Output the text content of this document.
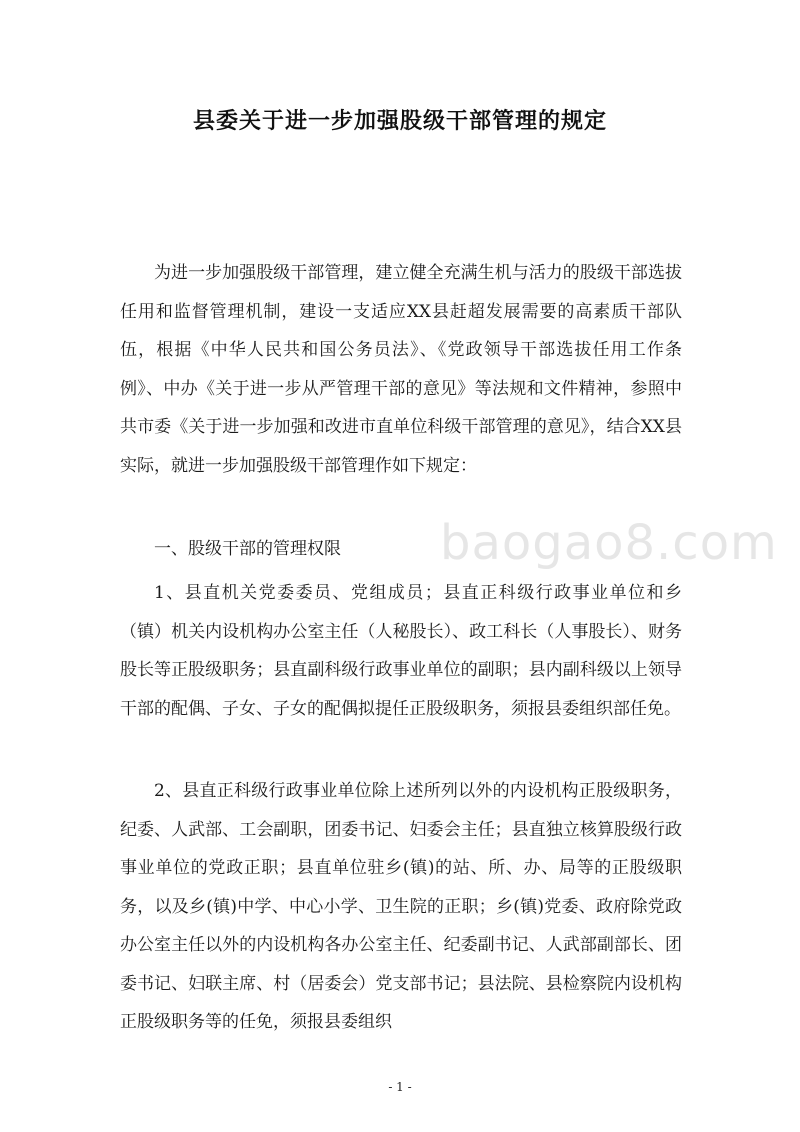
县委关于进一步加强股级干部管理的规定

为进一步加强股级干部管理，建立健全充满生机与活力的股级干部选拔任用和监督管理机制，建设一支适应XX县赶超发展需要的高素质干部队伍，根据《中华人民共和国公务员法》、《党政领导干部选拔任用工作条例》、中办《关于进一步从严管理干部的意见》等法规和文件精神，参照中共市委《关于进一步加强和改进市直单位科级干部管理的意见》，结合XX县实际，就进一步加强股级干部管理作如下规定：

一、股级干部的管理权限

1、县直机关党委委员、党组成员；县直正科级行政事业单位和乡（镇）机关内设机构办公室主任（人秘股长）、政工科长（人事股长）、财务股长等正股级职务；县直副科级行政事业单位的副职；县内副科级以上领导干部的配偶、子女、子女的配偶拟提任正股级职务，须报县委组织部任免。

2、县直正科级行政事业单位除上述所列以外的内设机构正股级职务，纪委、人武部、工会副职，团委书记、妇委会主任；县直独立核算股级行政事业单位的党政正职；县直单位驻乡(镇)的站、所、办、局等的正股级职务，以及乡(镇)中学、中心小学、卫生院的正职；乡(镇)党委、政府除党政办公室主任以外的内设机构各办公室主任、纪委副书记、人武部副部长、团委书记、妇联主席、村（居委会）党支部书记；县法院、县检察院内设机构正股级职务等的任免，须报县委组织

baogao8.com
- 1 -
